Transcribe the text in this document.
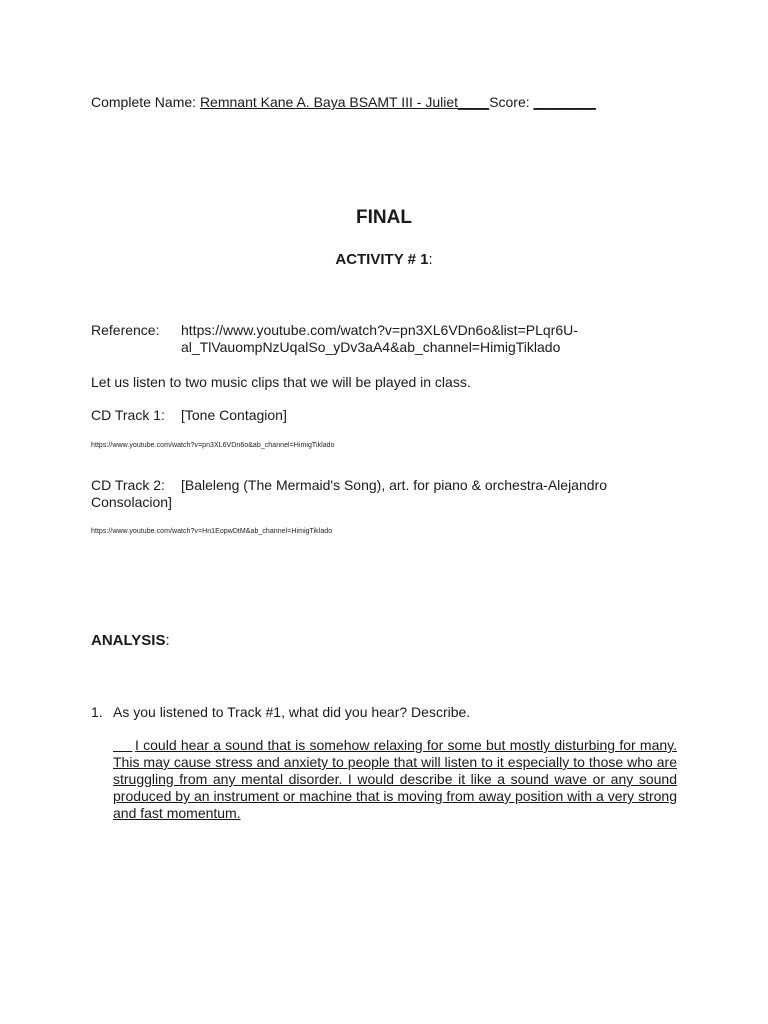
Complete Name: Remnant Kane A. Baya BSAMT III - Juliet____Score: ________
FINAL
ACTIVITY # 1:
Reference: https://www.youtube.com/watch?v=pn3XL6VDn6o&list=PLqr6U-
al_TlVauompNzUqalSo_yDv3aA4&ab_channel=HimigTiklado
Let us listen to two music clips that we will be played in class.
CD Track 1: [Tone Contagion]
https://www.youtube.com/watch?v=pn3XL6VDn6o&ab_channel=HimigTiklado
CD Track 2: [Baleleng (The Mermaid's Song), art. for piano & orchestra-Alejandro
Consolacion]
https://www.youtube.com/watch?v=Hn1EopwDtM&ab_channel=HimigTiklado
ANALYSIS:
1. As you listened to Track #1, what did you hear? Describe.
I could hear a sound that is somehow relaxing for some but mostly disturbing for many. This may cause stress and anxiety to people that will listen to it especially to those who are struggling from any mental disorder. I would describe it like a sound wave or any sound produced by an instrument or machine that is moving from away position with a very strong and fast momentum.
